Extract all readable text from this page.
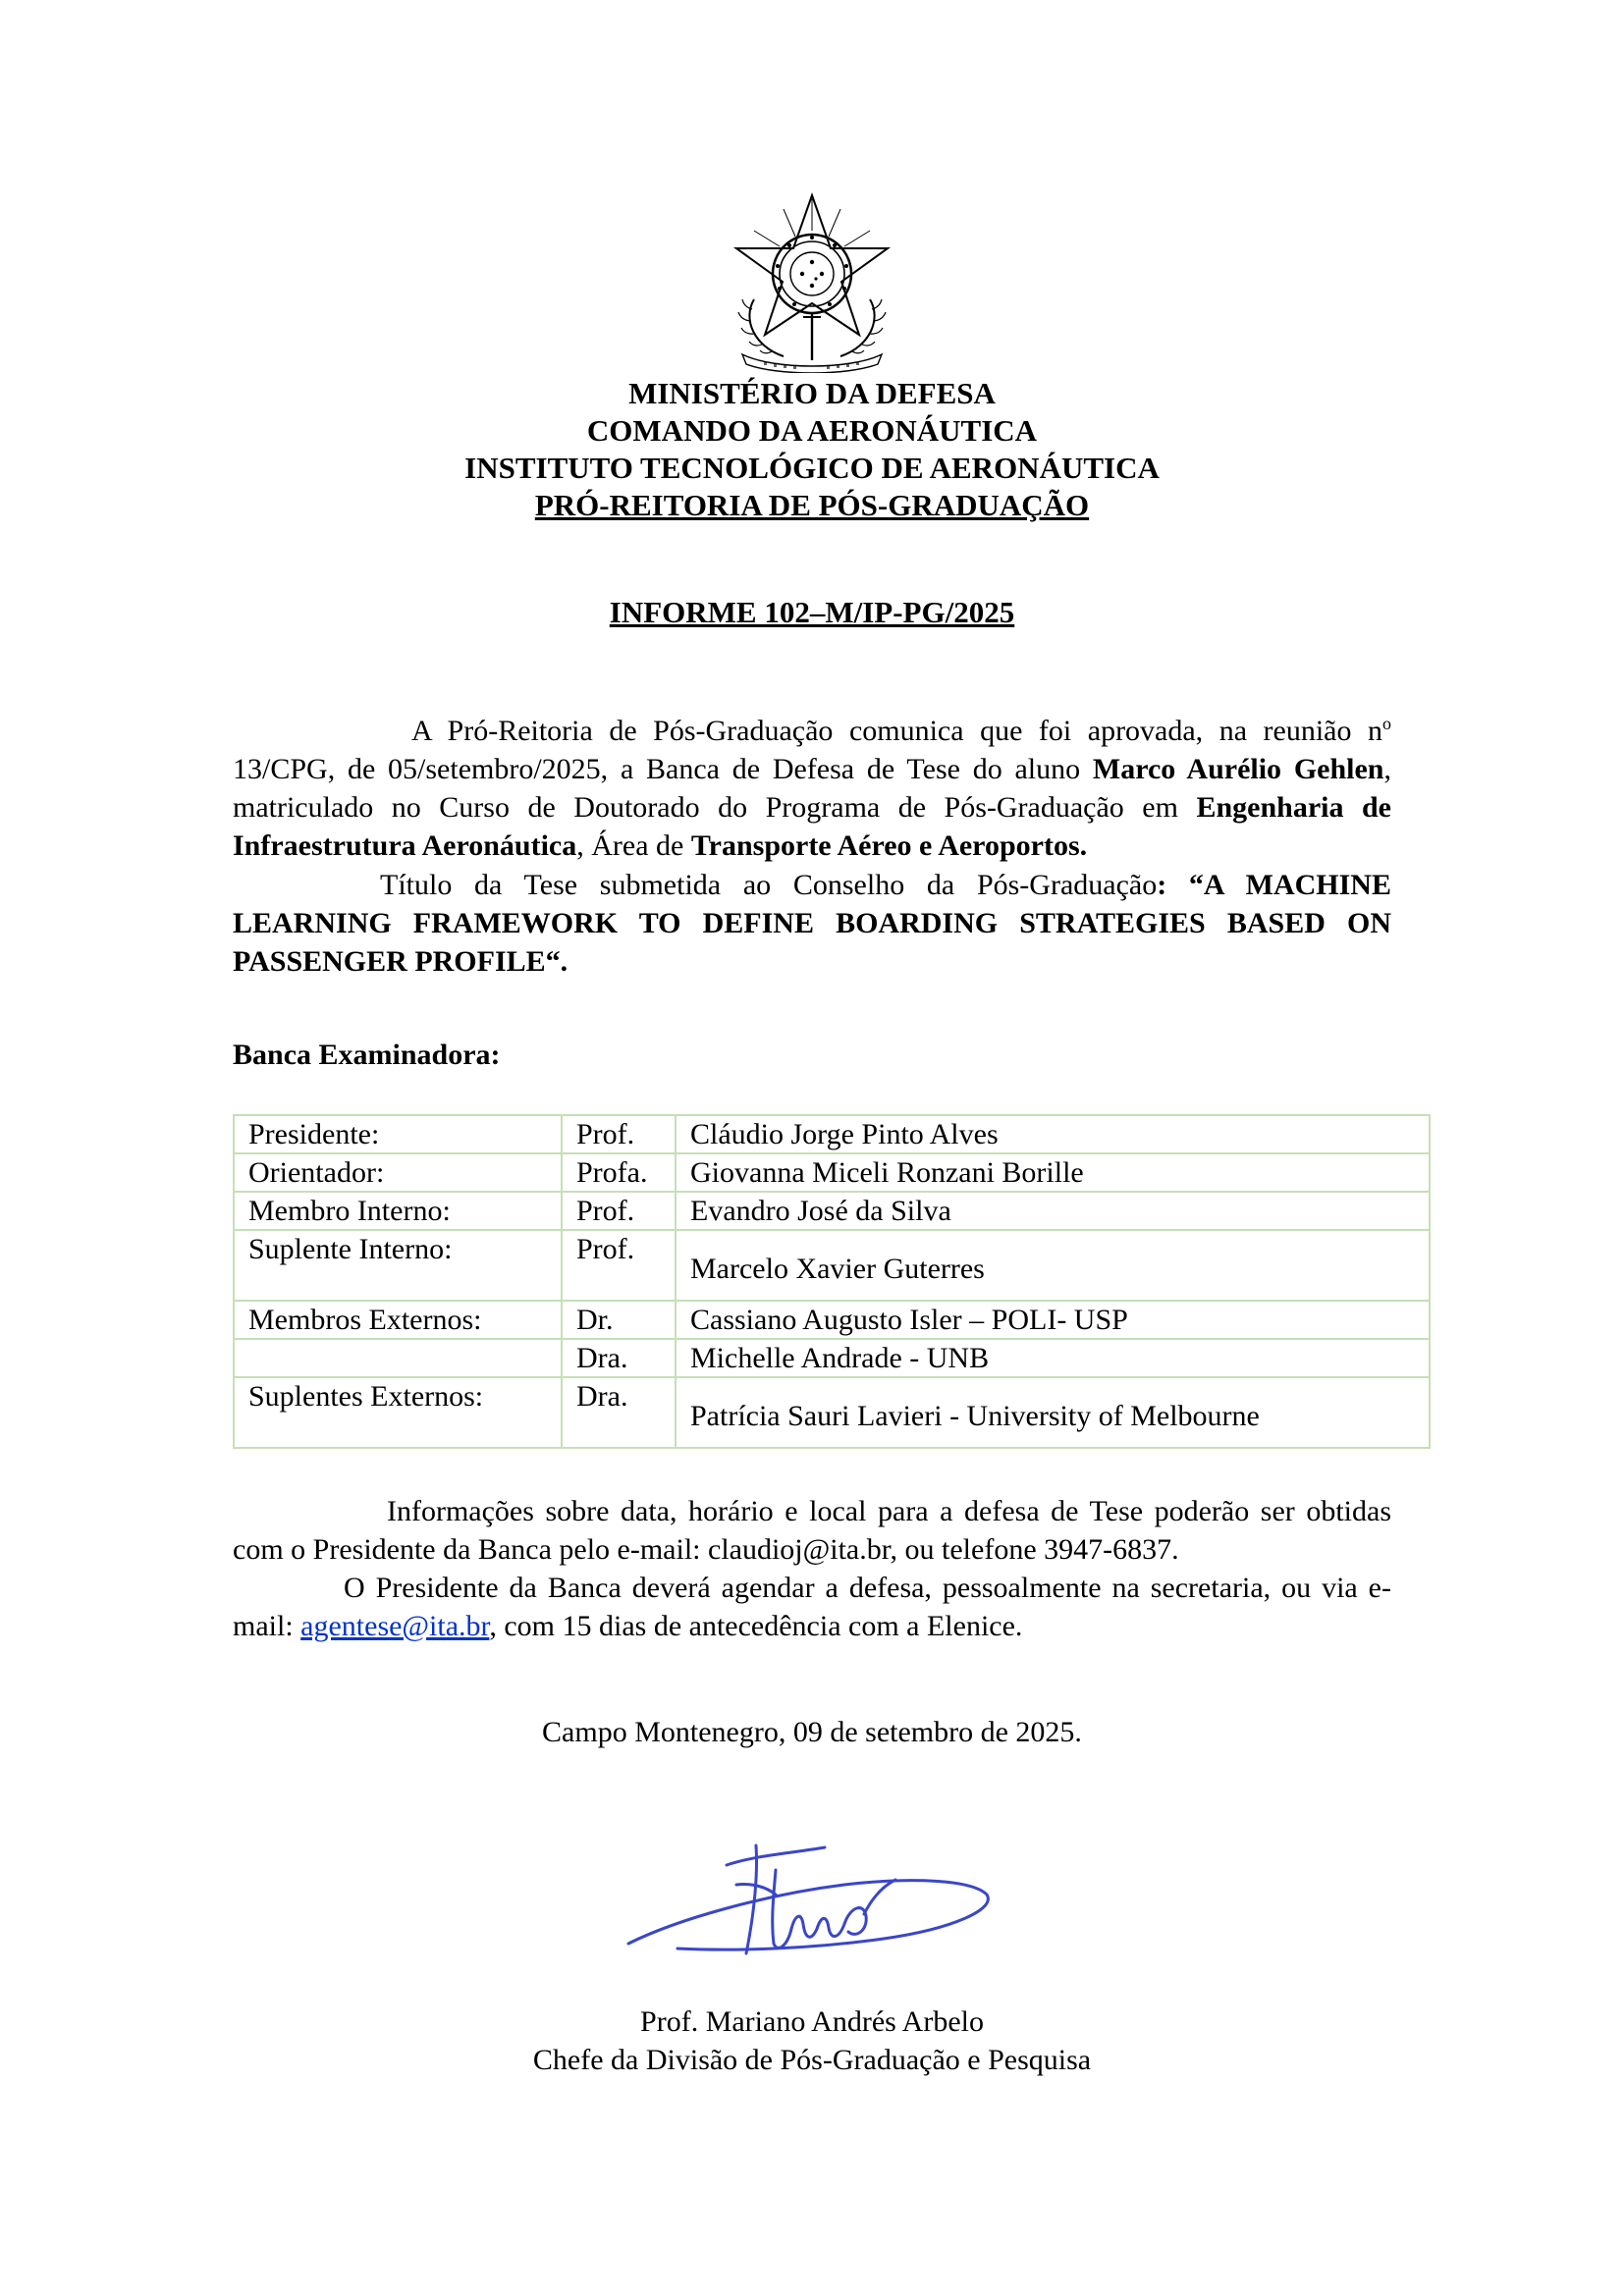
MINISTÉRIO DA DEFESA
COMANDO DA AERONÁUTICA
INSTITUTO TECNOLÓGICO DE AERONÁUTICA
PRÓ-REITORIA DE PÓS-GRADUAÇÃO
INFORME 102–M/IP-PG/2025
A Pró-Reitoria de Pós-Graduação comunica que foi aprovada, na reunião $n^o$ 13/CPG, de 05/setembro/2025, a Banca de Defesa de Tese do aluno Marco Aurélio Gehlen, matriculado no Curso de Doutorado do Programa de Pós-Graduação em Engenharia de Infraestrutura Aeronáutica, Área de Transporte Aéreo e Aeroportos.
Título da Tese submetida ao Conselho da Pós-Graduação: “A MACHINE LEARNING FRAMEWORK TO DEFINE BOARDING STRATEGIES BASED ON PASSENGER PROFILE“.
Banca Examinadora:
Presidente:	Prof.	Cláudio Jorge Pinto Alves
Orientador:	Profa.	Giovanna Miceli Ronzani Borille
Membro Interno:	Prof.	Evandro José da Silva
Suplente Interno:	Prof.	Marcelo Xavier Guterres

Membros Externos:	Dr.	Cassiano Augusto Isler – POLI- USP
	Dra.	Michelle Andrade - UNB
Suplentes Externos:	Dra.	Patrícia Sauri Lavieri - University of Melbourne
Informações sobre data, horário e local para a defesa de Tese poderão ser obtidas com o Presidente da Banca pelo e-mail: claudioj@ita.br, ou telefone 3947-6837.
O Presidente da Banca deverá agendar a defesa, pessoalmente na secretaria, ou via e-mail: agentese@ita.br, com 15 dias de antecedência com a Elenice.
Campo Montenegro, 09 de setembro de 2025.
Prof. Mariano Andrés Arbelo
Chefe da Divisão de Pós-Graduação e Pesquisa
